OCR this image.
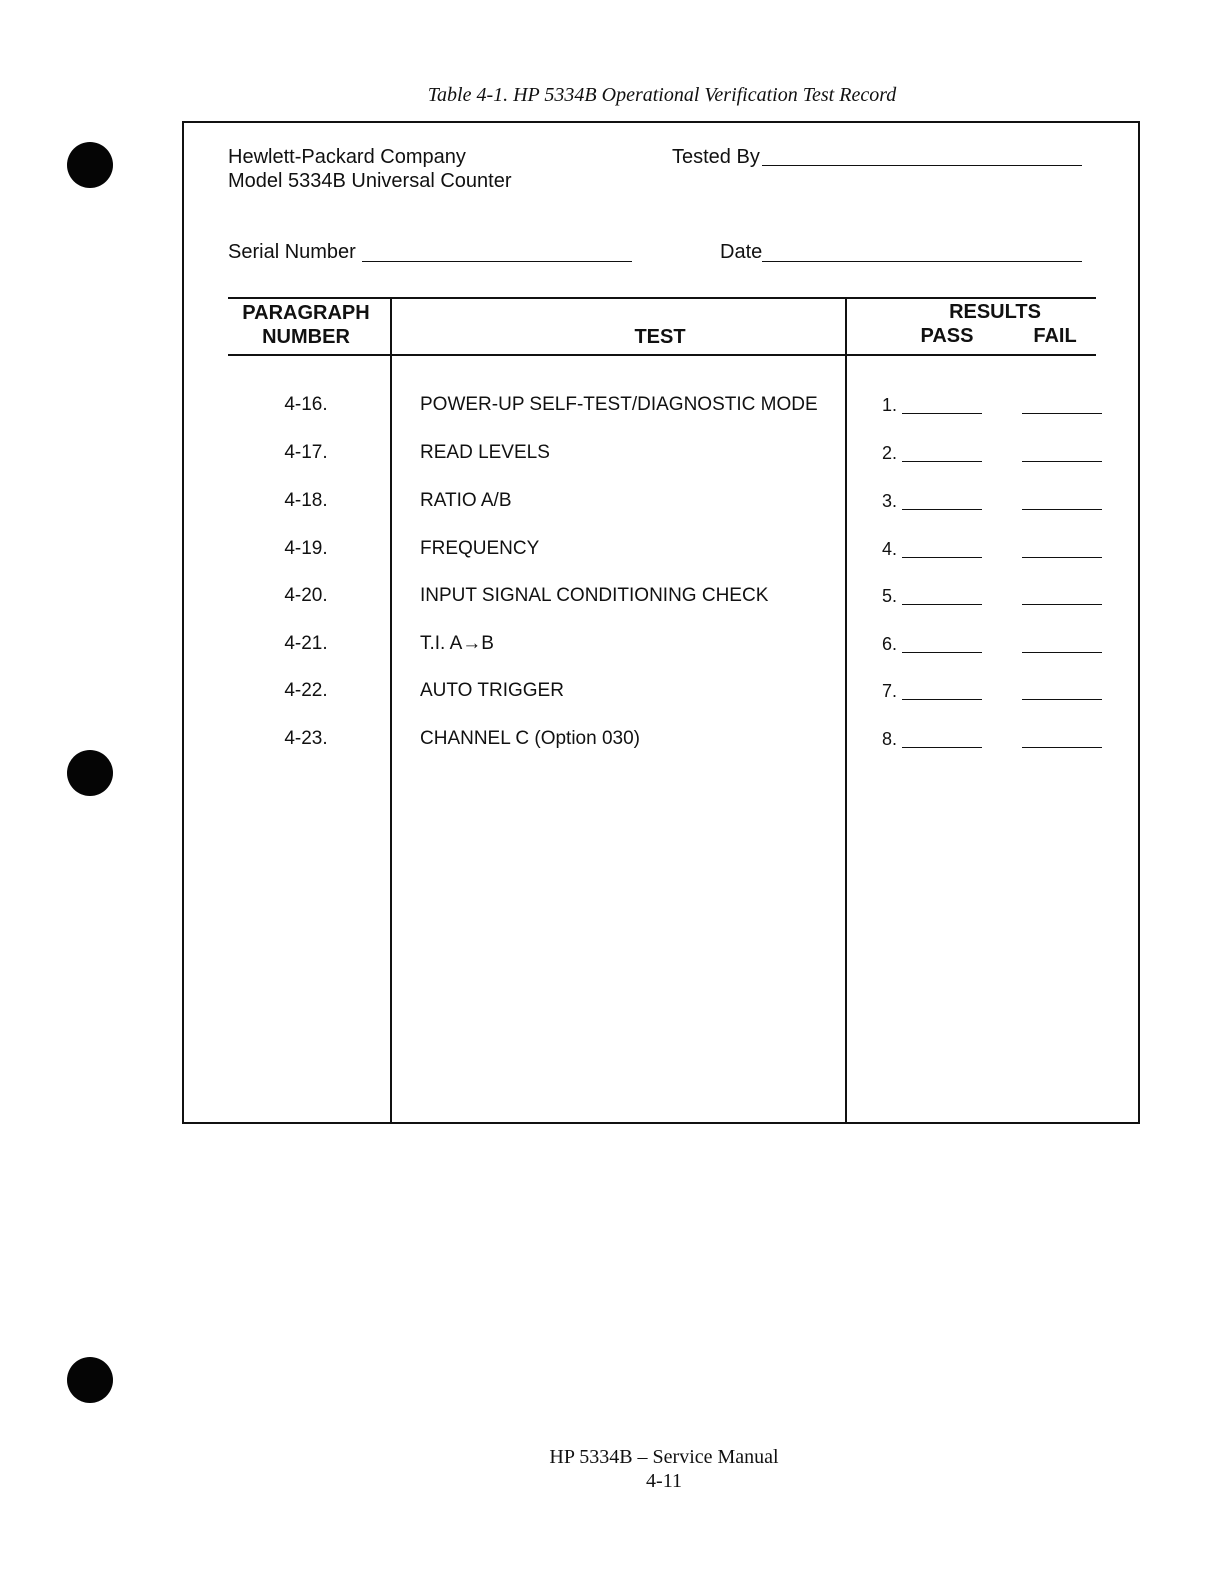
Table 4-1. HP 5334B Operational Verification Test Record
Hewlett-Packard Company
Model 5334B Universal Counter
Tested By
Serial Number	Date
PARAGRAPH
NUMBER	TEST
RESULTS
PASS	FAIL
4-16.	POWER-UP SELF-TEST/DIAGNOSTIC MODE	1.
4-17.	READ LEVELS	2.
4-18.	RATIO A/B	3.
4-19.	FREQUENCY	4.
4-20.	INPUT SIGNAL CONDITIONING CHECK	5.
4-21.	T.I. A→B	6.
4-22.	AUTO TRIGGER	7.
4-23.	CHANNEL C (Option 030)	8.
HP 5334B – Service Manual
4-11
